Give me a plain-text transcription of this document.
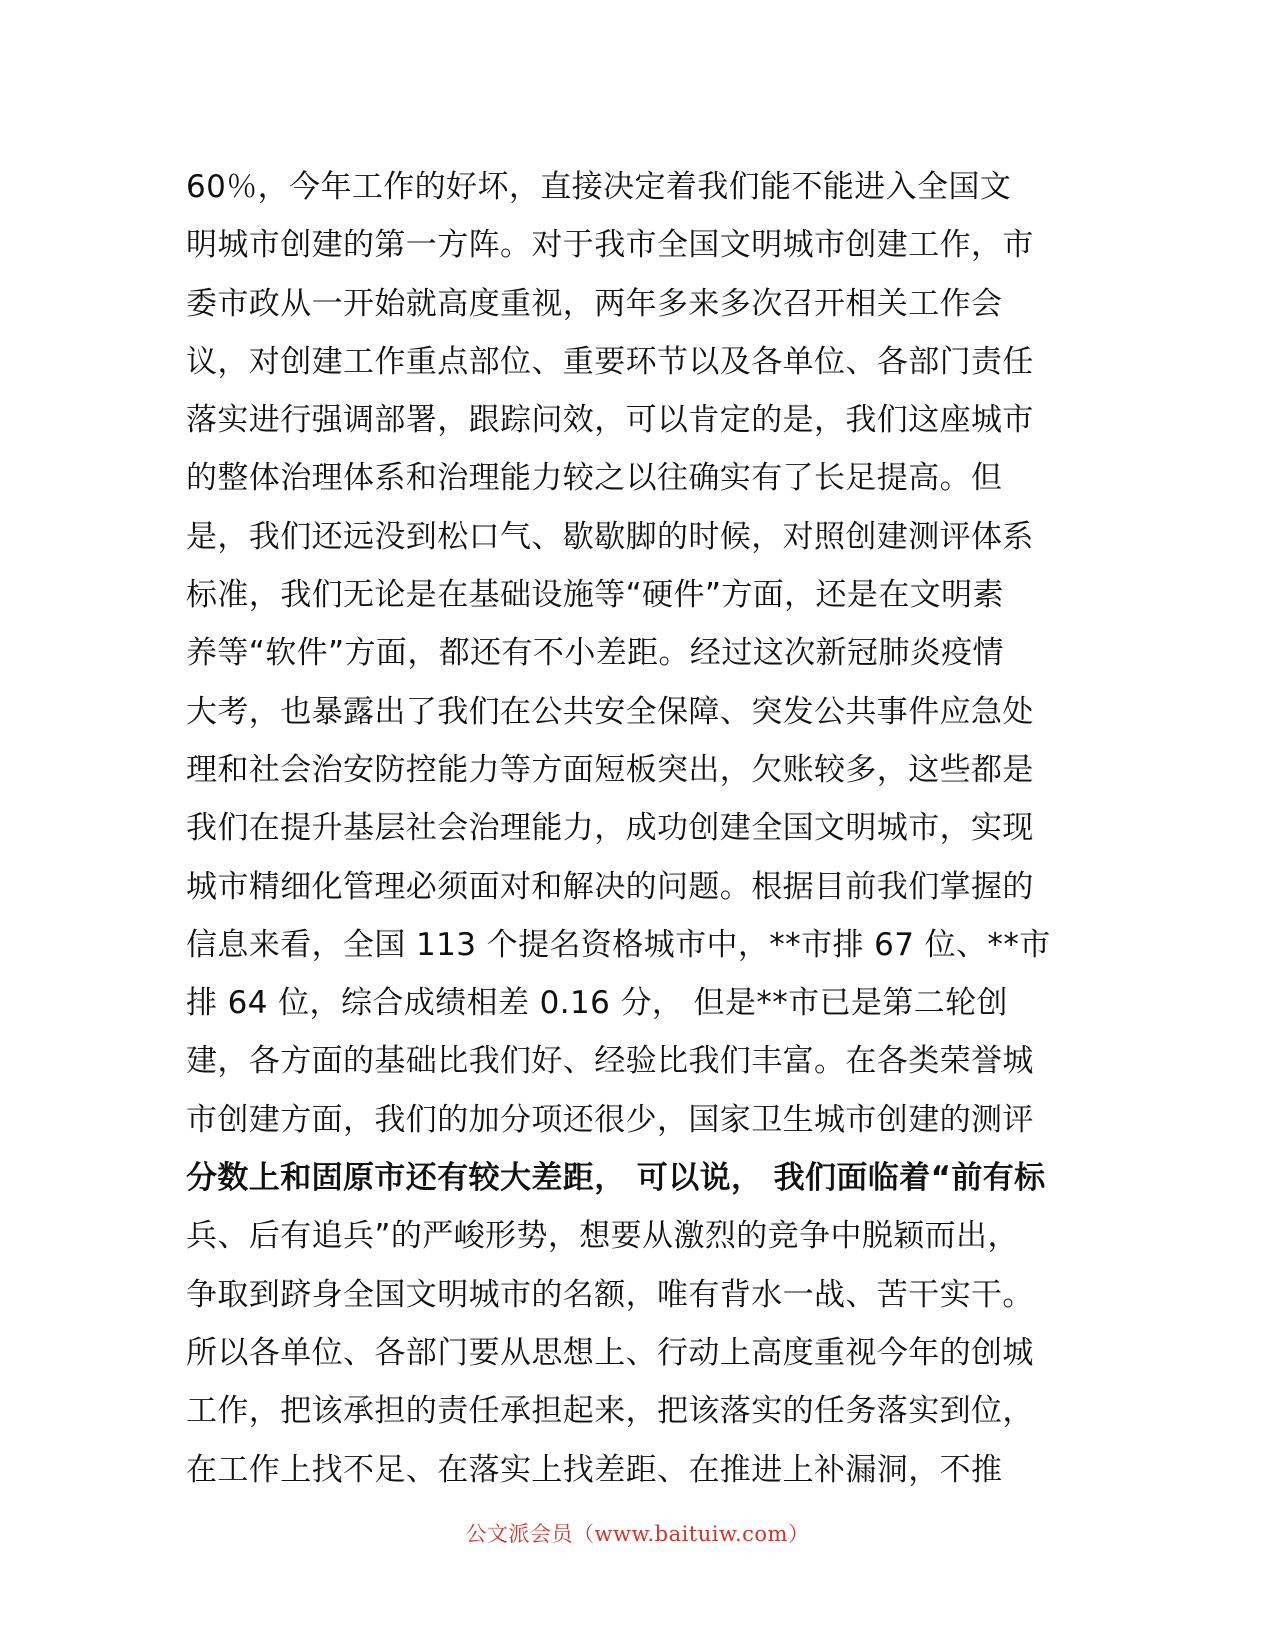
60％，今年工作的好坏，直接决定着我们能不能进入全国文
明城市创建的第一方阵。对于我市全国文明城市创建工作，市
委市政从一开始就高度重视，两年多来多次召开相关工作会
议，对创建工作重点部位、重要环节以及各单位、各部门责任
落实进行强调部署，跟踪问效，可以肯定的是，我们这座城市
的整体治理体系和治理能力较之以往确实有了长足提高。但
是，我们还远没到松口气、歇歇脚的时候，对照创建测评体系
标准，我们无论是在基础设施等“硬件”方面，还是在文明素
养等“软件”方面，都还有不小差距。经过这次新冠肺炎疫情
大考，也暴露出了我们在公共安全保障、突发公共事件应急处
理和社会治安防控能力等方面短板突出，欠账较多，这些都是
我们在提升基层社会治理能力，成功创建全国文明城市，实现
城市精细化管理必须面对和解决的问题。根据目前我们掌握的
信息来看，全国 113 个提名资格城市中，**市排 67 位、**市
排 64 位，综合成绩相差 0.16 分， 但是**市已是第二轮创
建，各方面的基础比我们好、经验比我们丰富。在各类荣誉城
市创建方面，我们的加分项还很少，国家卫生城市创建的测评
分数上和固原市还有较大差距， 可以说， 我们面临着“前有标
兵、后有追兵”的严峻形势，想要从激烈的竞争中脱颖而出，
争取到跻身全国文明城市的名额，唯有背水一战、苦干实干。
所以各单位、各部门要从思想上、行动上高度重视今年的创城
工作，把该承担的责任承担起来，把该落实的任务落实到位，
在工作上找不足、在落实上找差距、在推进上补漏洞，不推
公文派会员（www.baituiw.com）
